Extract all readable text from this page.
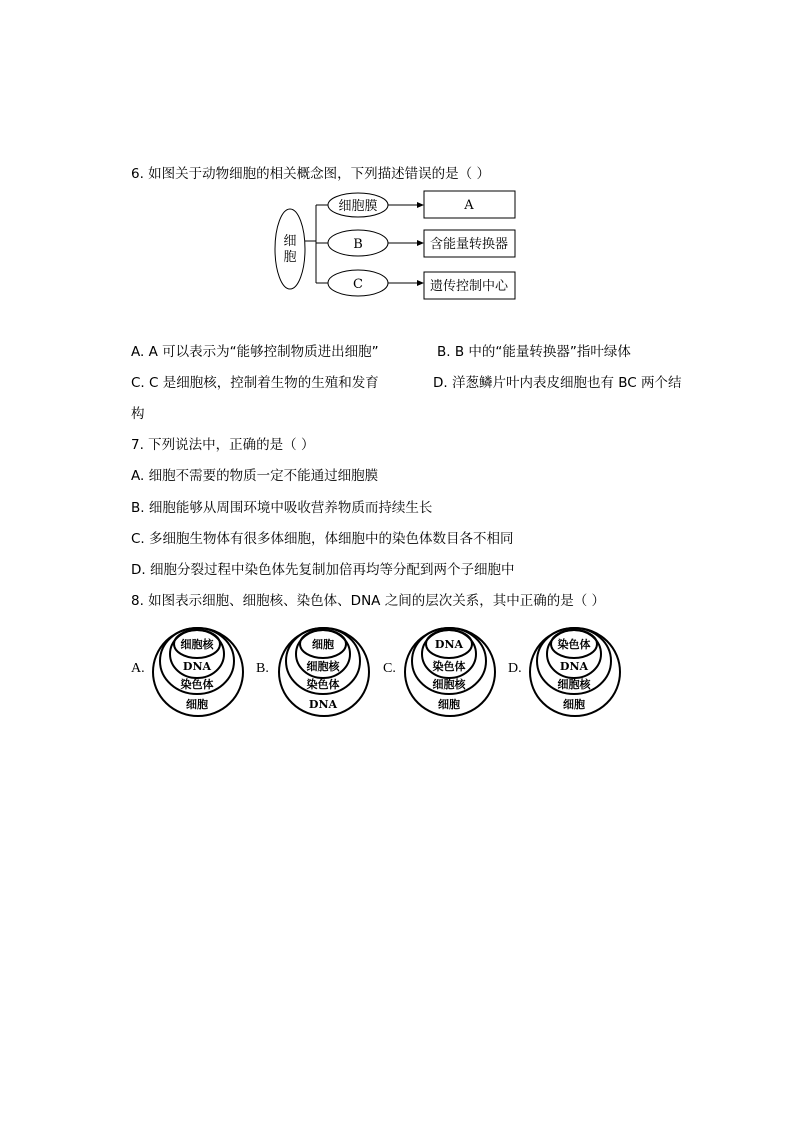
6. 如图关于动物细胞的相关概念图，下列描述错误的是（ ）
细
胞
细胞膜
B
C
A
含能量转换器
遗传控制中心
A. A 可以表示为“能够控制物质进出细胞”	B. B 中的“能量转换器”指叶绿体
C. C 是细胞核，控制着生物的生殖和发育	D. 洋葱鳞片叶内表皮细胞也有 BC 两个结
构
7. 下列说法中，正确的是（ ）
A. 细胞不需要的物质一定不能通过细胞膜
B. 细胞能够从周围环境中吸收营养物质而持续生长
C. 多细胞生物体有很多体细胞，体细胞中的染色体数目各不相同
D. 细胞分裂过程中染色体先复制加倍再均等分配到两个子细胞中
8. 如图表示细胞、细胞核、染色体、DNA 之间的层次关系，其中正确的是（ ）
A.	B.	C.	D.
细胞核
DNA
染色体
细胞
细胞
细胞核
染色体
DNA
DNA
染色体
细胞核
细胞
染色体
DNA
细胞核
细胞
